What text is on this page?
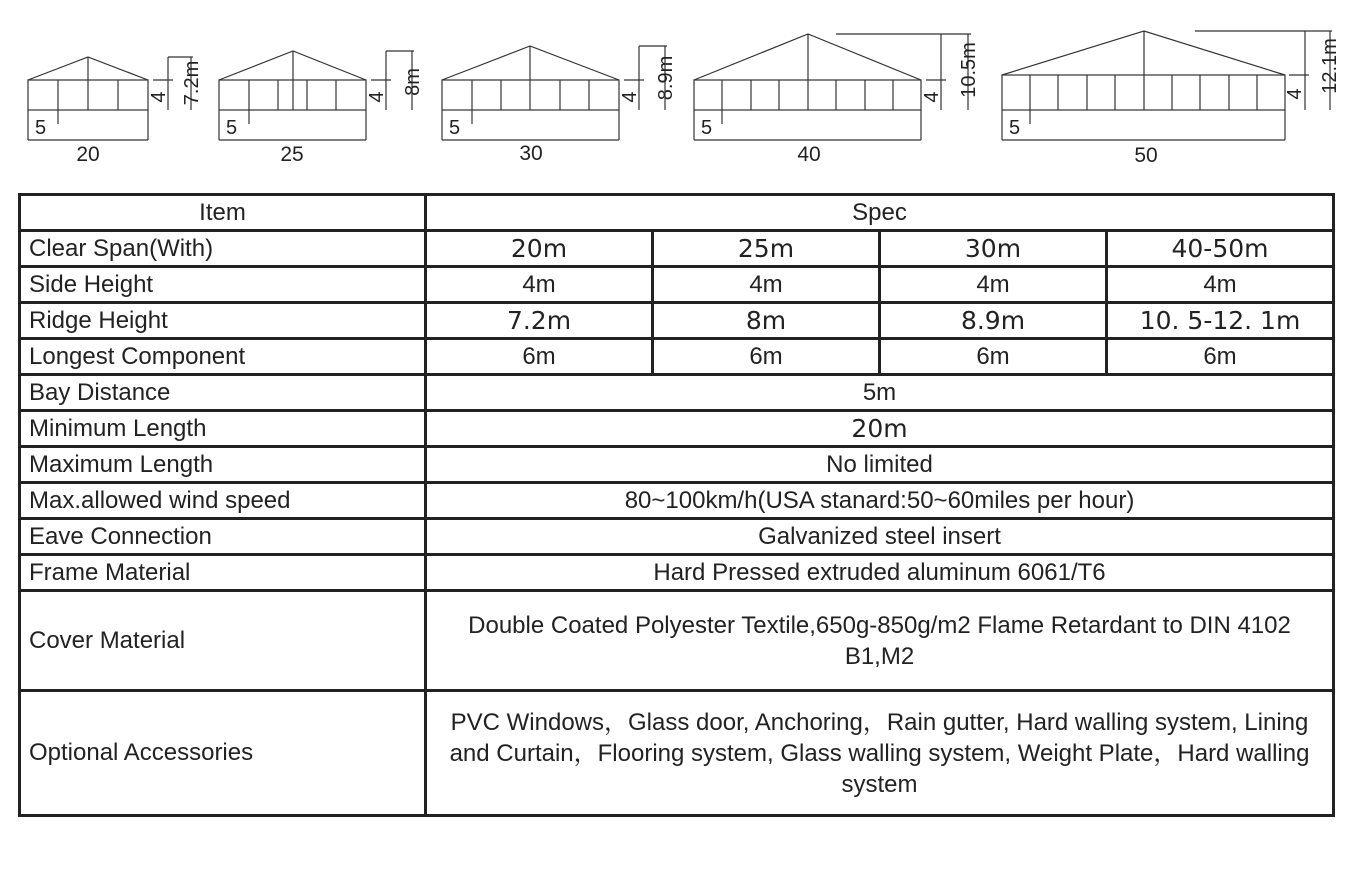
5
20
4 7.2m
5
25
4
8m
5
30
4 8.9m
5
40
4 10.5m
5
50
4
12.1m
Item	Spec			
Clear Span(With)	20m	25m	30m	40-50m
Side Height	4m	4m	4m	4m
Ridge Height	7.2m	8m	8.9m	10. 5-12. 1m
Longest Component	6m	6m	6m	6m
Bay Distance	5m			
Minimum Length	20m			
Maximum Length	No limited			
Max.allowed wind speed	80~100km/h(USA stanard:50~60miles per hour)			
Eave Connection	Galvanized steel insert			
Frame Material	Hard Pressed extruded aluminum 6061/T6			
Cover Material	Double Coated Polyester Textile,650g-850g/m2 Flame Retardant to DIN 4102 B1,M2			
Optional Accessories	PVC Windows，Glass door, Anchoring，Rain gutter, Hard walling system, Lining and Curtain，Flooring system, Glass walling system, Weight Plate，Hard walling system			
